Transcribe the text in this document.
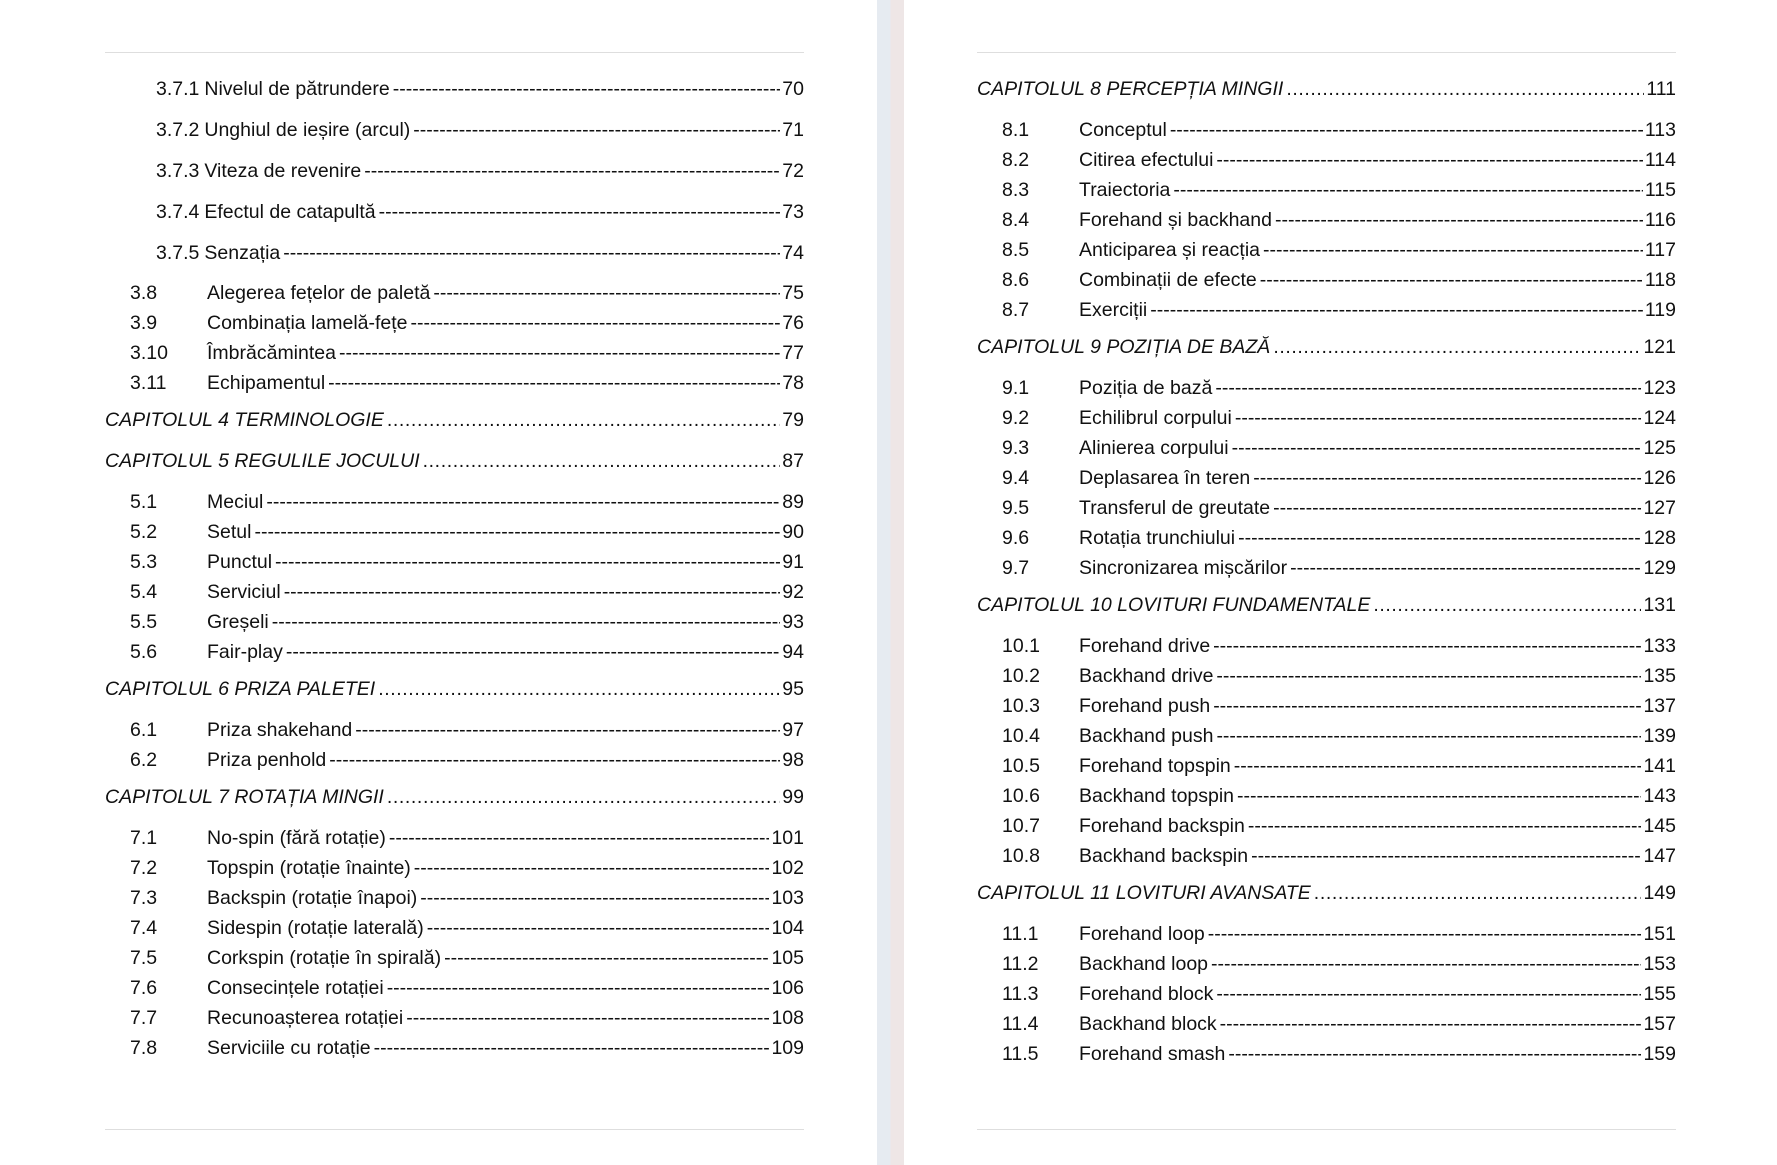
3.7.1 Nivelul de pătrundere -----	70
3.7.2 Unghiul de ieșire (arcul) -----	71
3.7.3 Viteza de revenire -----	72
3.7.4 Efectul de catapultă -----	73
3.7.5 Senzația -----	74
3.8	Alegerea fețelor de paletă -----	75
3.9	Combinația lamelă-fețe -----	76
3.10	Îmbrăcămintea -----	77
3.11	Echipamentul -----	78
CAPITOLUL 4 TERMINOLOGIE .....	79
CAPITOLUL 5 REGULILE JOCULUI .....	87
5.1	Meciul -----	89
5.2	Setul -----	90
5.3	Punctul -----	91
5.4	Serviciul -----	92
5.5	Greșeli -----	93
5.6	Fair-play -----	94
CAPITOLUL 6 PRIZA PALETEI .....	95
6.1	Priza shakehand -----	97
6.2	Priza penhold -----	98
CAPITOLUL 7 ROTAȚIA MINGII .....	99
7.1	No-spin (fără rotație) -----	101
7.2	Topspin (rotație înainte) -----	102
7.3	Backspin (rotație înapoi) -----	103
7.4	Sidespin (rotație laterală) -----	104
7.5	Corkspin (rotație în spirală) -----	105
7.6	Consecințele rotației -----	106
7.7	Recunoașterea rotației -----	108
7.8	Serviciile cu rotație -----	109
CAPITOLUL 8 PERCEPȚIA MINGII .....	111
8.1	Conceptul -----	113
8.2	Citirea efectului -----	114
8.3	Traiectoria -----	115
8.4	Forehand și backhand -----	116
8.5	Anticiparea și reacția -----	117
8.6	Combinații de efecte -----	118
8.7	Exerciții -----	119
CAPITOLUL 9 POZIȚIA DE BAZĂ .....	121
9.1	Poziția de bază -----	123
9.2	Echilibrul corpului -----	124
9.3	Alinierea corpului -----	125
9.4	Deplasarea în teren -----	126
9.5	Transferul de greutate -----	127
9.6	Rotația trunchiului -----	128
9.7	Sincronizarea mișcărilor -----	129
CAPITOLUL 10 LOVITURI FUNDAMENTALE .....	131
10.1	Forehand drive -----	133
10.2	Backhand drive -----	135
10.3	Forehand push -----	137
10.4	Backhand push -----	139
10.5	Forehand topspin -----	141
10.6	Backhand topspin -----	143
10.7	Forehand backspin -----	145
10.8	Backhand backspin -----	147
CAPITOLUL 11 LOVITURI AVANSATE .....	149
11.1	Forehand loop -----	151
11.2	Backhand loop -----	153
11.3	Forehand block -----	155
11.4	Backhand block -----	157
11.5	Forehand smash -----	159
